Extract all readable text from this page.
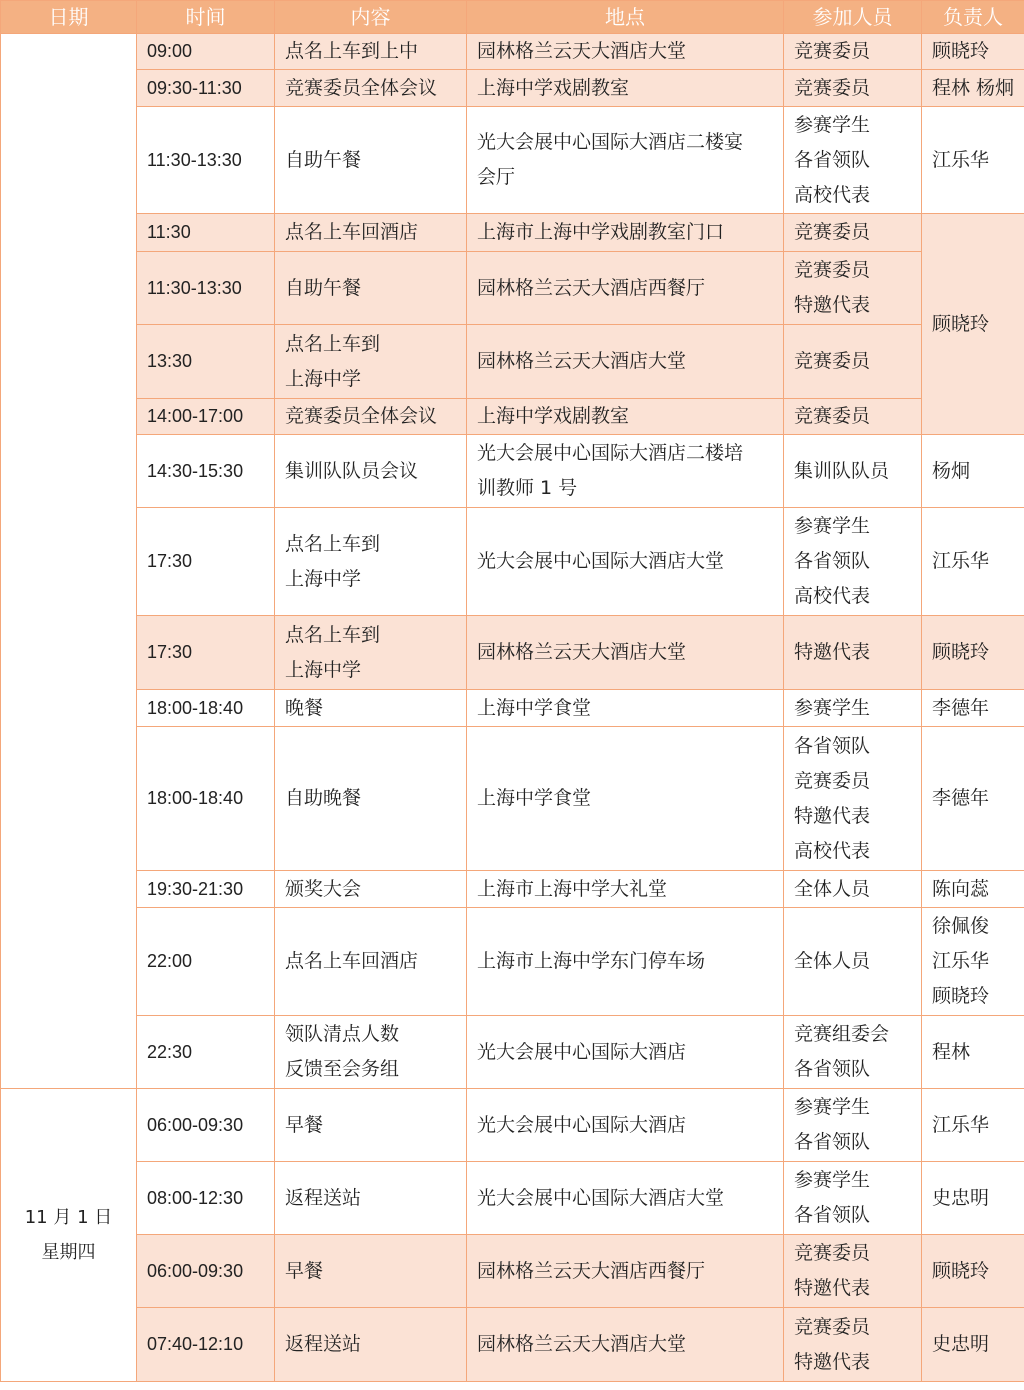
日期	时间	内容	地点	参加人员	负责人
	09:00	点名上车到上中	园林格兰云天大酒店大堂	竞赛委员	顾晓玲

	09:30-11:30	竞赛委员全体会议	上海中学戏剧教室	竞赛委员	程林 杨炯

	11:30-13:30	自助午餐	光大会展中心国际大酒店二楼宴
会厅	参赛学生
各省领队
高校代表	江乐华

	11:30	点名上车回酒店	上海市上海中学戏剧教室门口	竞赛委员	顾晓玲

	11:30-13:30	自助午餐	园林格兰云天大酒店西餐厅	竞赛委员
特邀代表	

	13:30	点名上车到
上海中学	园林格兰云天大酒店大堂	竞赛委员	

	14:00-17:00	竞赛委员全体会议	上海中学戏剧教室	竞赛委员	

	14:30-15:30	集训队队员会议	光大会展中心国际大酒店二楼培
训教师 1 号	集训队队员	杨炯

	17:30	点名上车到
上海中学	光大会展中心国际大酒店大堂	参赛学生
各省领队
高校代表	江乐华

	17:30	点名上车到
上海中学	园林格兰云天大酒店大堂	特邀代表	顾晓玲

	18:00-18:40	晚餐	上海中学食堂	参赛学生	李德年

	18:00-18:40	自助晚餐	上海中学食堂	各省领队
竞赛委员
特邀代表
高校代表	李德年

	19:30-21:30	颁奖大会	上海市上海中学大礼堂	全体人员	陈向蕊

	22:00	点名上车回酒店	上海市上海中学东门停车场	全体人员	徐佩俊
江乐华
顾晓玲

	22:30	领队清点人数
反馈至会务组	光大会展中心国际大酒店	竞赛组委会
各省领队	程林

11 月 1 日
星期四	06:00-09:30	早餐	光大会展中心国际大酒店	参赛学生
各省领队	江乐华

	08:00-12:30	返程送站	光大会展中心国际大酒店大堂	参赛学生
各省领队	史忠明

	06:00-09:30	早餐	园林格兰云天大酒店西餐厅	竞赛委员
特邀代表	顾晓玲

	07:40-12:10	返程送站	园林格兰云天大酒店大堂	竞赛委员
特邀代表	史忠明
